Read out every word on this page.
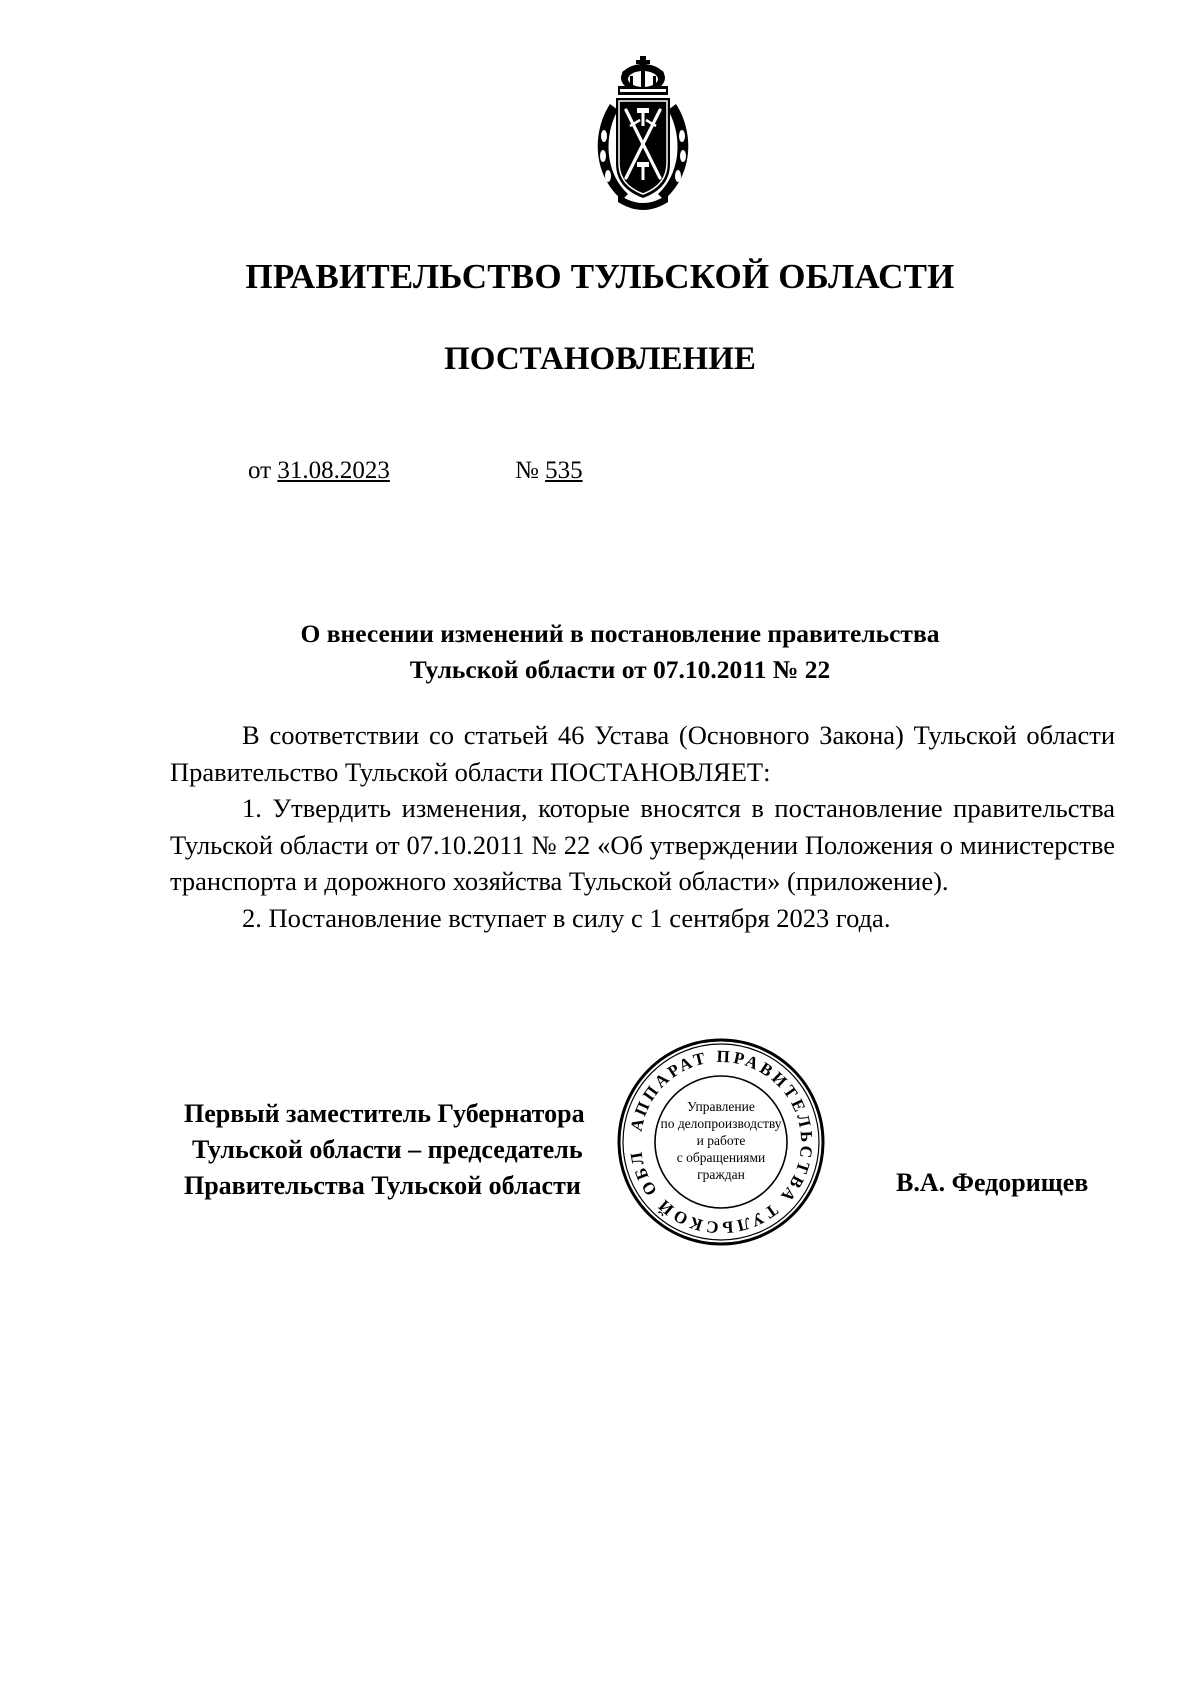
ПРАВИТЕЛЬСТВО ТУЛЬСКОЙ ОБЛАСТИ
ПОСТАНОВЛЕНИЕ
от 31.08.2023	№ 535
О внесении изменений в постановление правительства
Тульской области от 07.10.2011 № 22

В соответствии со статьей 46 Устава (Основного Закона) Тульской области Правительство Тульской области ПОСТАНОВЛЯЕТ:

1. Утвердить изменения, которые вносятся в постановление правительства Тульской области от 07.10.2011 № 22 «Об утверждении Положения о министерстве транспорта и дорожного хозяйства Тульской области» (приложение).

2. Постановление вступает в силу с 1 сентября 2023 года.

АППАРАТ ПРАВИТЕЛЬСТВА ТУЛЬСКОЙ ОБЛ
Управление
по делопроизводству
и работе
с обращениями
граждан
Первый заместитель Губернатора
Тульской области – председатель
Правительства Тульской области	В.А. Федорищев
